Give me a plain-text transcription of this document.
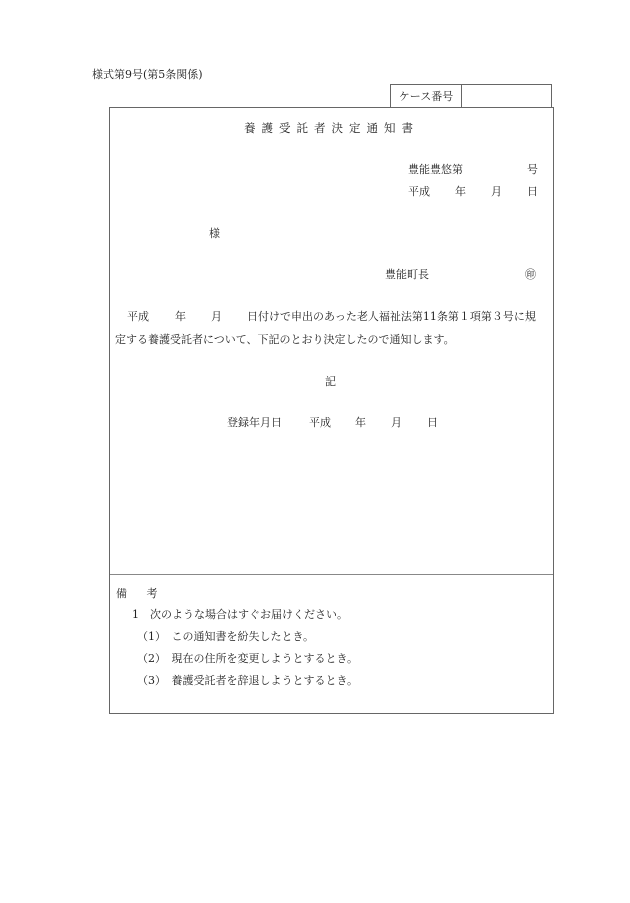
様式第9号(第5条関係)
ケース番号
養護受託者決定通知書
豊能豊悠第	号
平成 年 月 日
様
豊能町長	㊞
平成 年 月 日付けで申出のあった老人福祉法第11条第１項第３号に規
定する養護受託者について、下記のとおり決定したので通知します。
記
登録年月日 平成 年 月 日
備 考
1　次のような場合はすぐお届けください。
（1）　この通知書を紛失したとき。
（2）　現在の住所を変更しようとするとき。
（3）　養護受託者を辞退しようとするとき。
